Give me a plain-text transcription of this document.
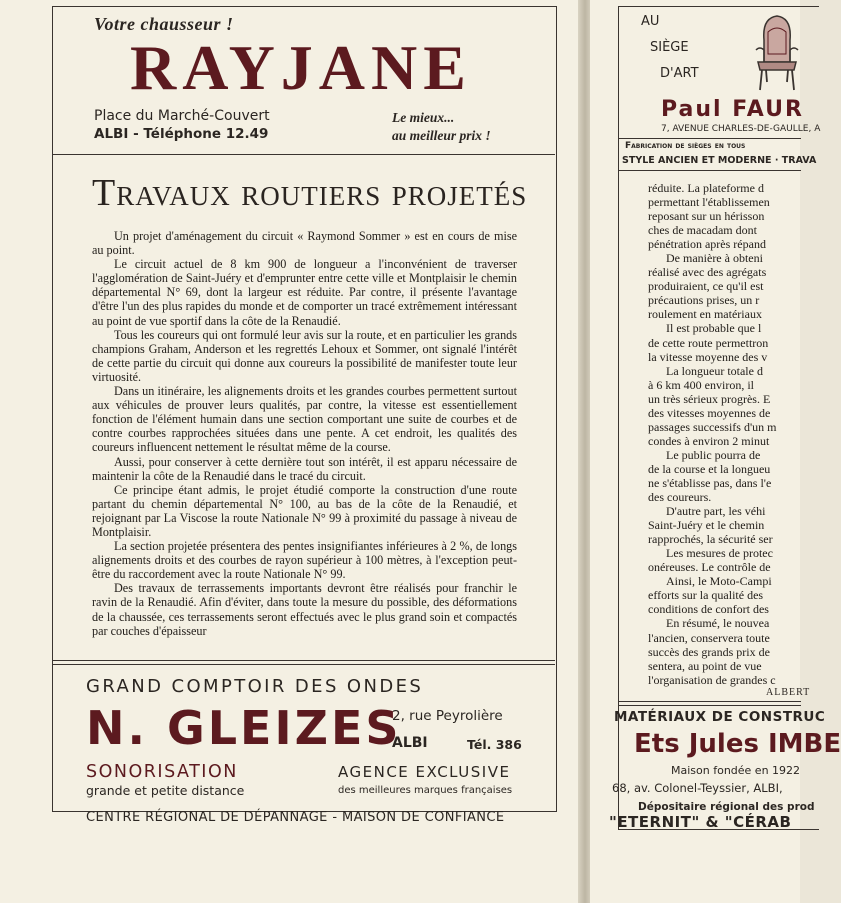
Votre chausseur !
RAYJANE
Place du Marché-Couvert
ALBI - Téléphone 12.49
Le mieux...
au meilleur prix !
Travaux routiers projetés

Un projet d'aménagement du circuit « Raymond Sommer » est en cours de mise au point.

Le circuit actuel de 8 km 900 de longueur a l'inconvénient de traverser l'agglomération de Saint-Juéry et d'emprunter entre cette ville et Montplaisir le chemin départemental N° 69, dont la largeur est réduite. Par contre, il présente l'avantage d'être l'un des plus rapides du monde et de comporter un tracé extrêmement intéressant au point de vue sportif dans la côte de la Renaudié.

Tous les coureurs qui ont formulé leur avis sur la route, et en particulier les grands champions Graham, Anderson et les regrettés Lehoux et Sommer, ont signalé l'intérêt de cette partie du circuit qui donne aux coureurs la possibilité de manifester toute leur virtuosité.

Dans un itinéraire, les alignements droits et les grandes courbes permettent surtout aux véhicules de prouver leurs qualités, par contre, la vitesse est essentiellement fonction de l'élément humain dans une section comportant une suite de courbes et de contre courbes rapprochées situées dans une pente. A cet endroit, les qualités des coureurs influencent nettement le résultat même de la course.

Aussi, pour conserver à cette dernière tout son intérêt, il est apparu nécessaire de maintenir la côte de la Renaudié dans le tracé du circuit.

Ce principe étant admis, le projet étudié comporte la construction d'une route partant du chemin départemental N° 100, au bas de la côte de la Renaudié, et rejoignant par La Viscose la route Nationale N° 99 à proximité du passage à niveau de Montplaisir.

La section projetée présentera des pentes insignifiantes inférieures à 2 %, de longs alignements droits et des courbes de rayon supérieur à 100 mètres, à l'exception peut-être du raccordement avec la route Nationale N° 99.

Des travaux de terrassements importants devront être réalisés pour franchir le ravin de la Renaudié. Afin d'éviter, dans toute la mesure du possible, des déformations de la chaussée, ces terrassements seront effectués avec le plus grand soin et compactés par couches d'épaisseur

GRAND COMPTOIR DES ONDES
N. GLEIZES
2, rue Peyrolière
ALBI	Tél. 386
SONORISATION
grande et petite distance
AGENCE EXCLUSIVE
des meilleures marques françaises
CENTRE RÉGIONAL DE DÉPANNAGE - MAISON DE CONFIANCE
AU
SIÈGE
D'ART
Paul FAUR
7, AVENUE CHARLES-DE-GAULLE, A
Fabrication de sièges en tous
STYLE ANCIEN ET MODERNE · TRAVA
réduite. La plateforme d
permettant l'établissemen
reposant sur un hérisson
ches de macadam dont
pénétration après répand
De manière à obteni
réalisé avec des agrégats
produiraient, ce qu'il est
précautions prises, un r
roulement en matériaux
Il est probable que l
de cette route permettron
la vitesse moyenne des v
La longueur totale d
à 6 km 400 environ, il
un très sérieux progrès. E
des vitesses moyennes de
passages successifs d'un m
condes à environ 2 minut
Le public pourra de
de la course et la longueu
ne s'établisse pas, dans l'e
des coureurs.
D'autre part, les véhi
Saint-Juéry et le chemin
rapprochés, la sécurité ser
Les mesures de protec
onéreuses. Le contrôle de
Ainsi, le Moto-Campi
efforts sur la qualité des
conditions de confort des
En résumé, le nouvea
l'ancien, conservera toute
succès des grands prix de
sentera, au point de vue
l'organisation de grandes c
ALBERT
MATÉRIAUX DE CONSTRUC
Ets Jules IMBE
Maison fondée en 1922
68, av. Colonel-Teyssier, ALBI,
Dépositaire régional des prod
"ETERNIT" & "CÉRAB
